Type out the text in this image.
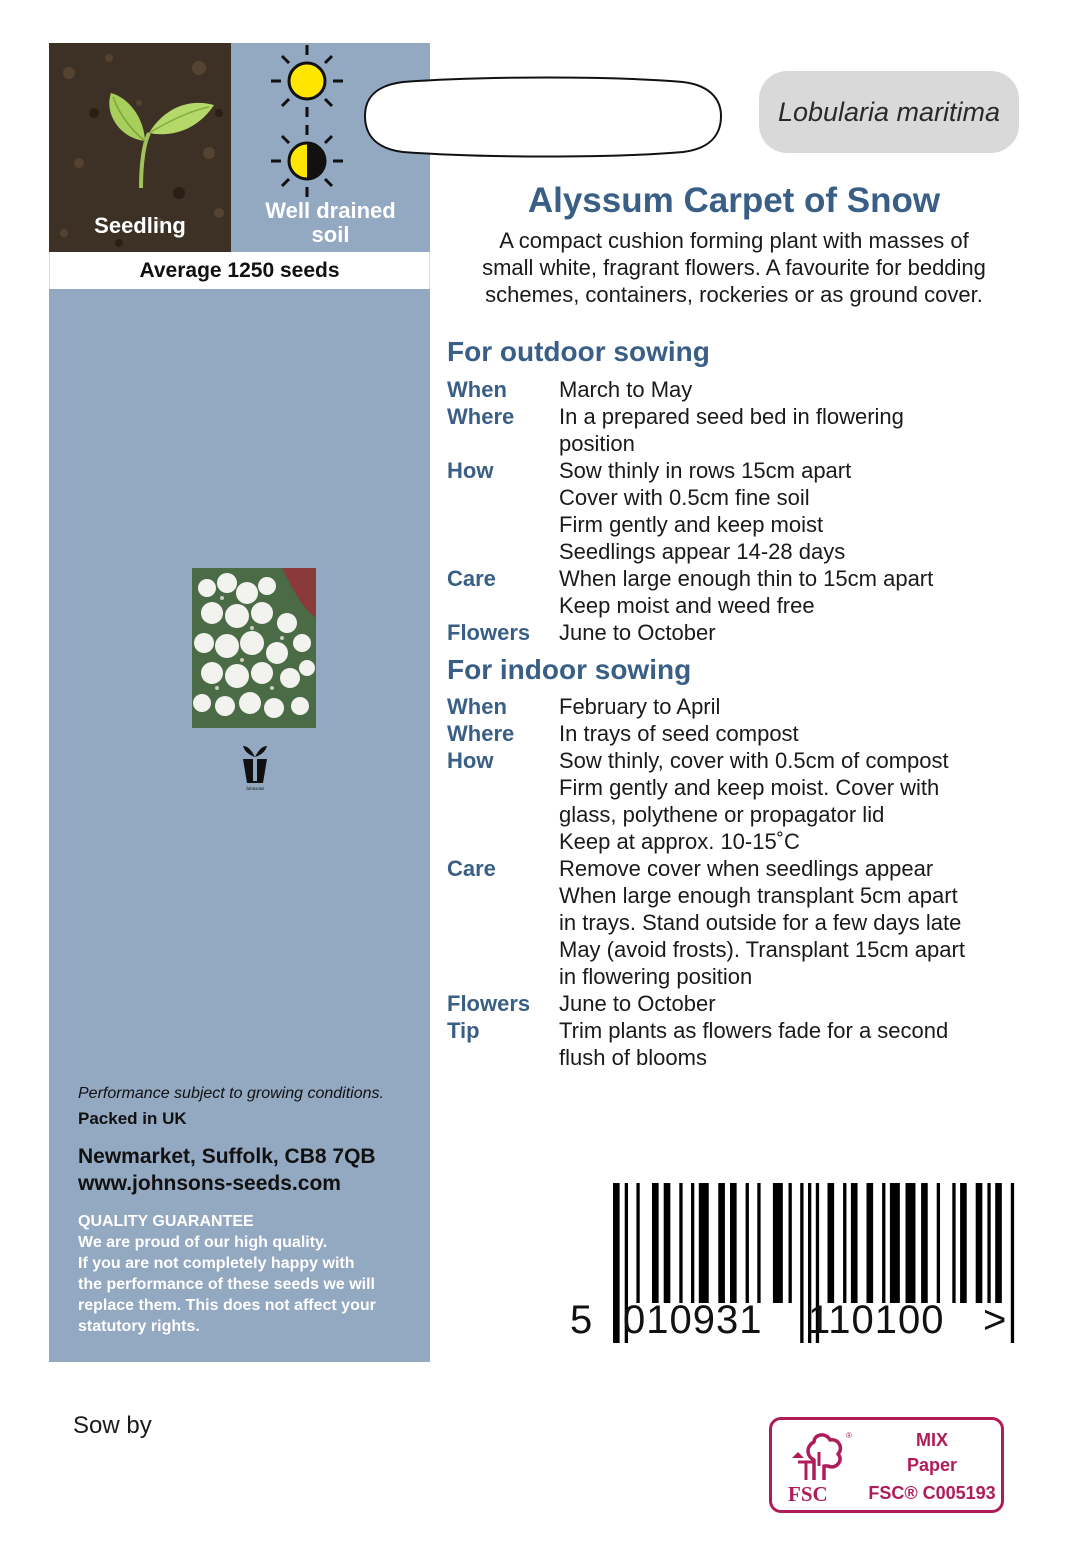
Seedling
Well drained
soil
Average 1250 seeds
Johnsons
Performance subject to growing conditions.
Packed in UK
Newmarket, Suffolk, CB8 7QB
www.johnsons-seeds.com
QUALITY GUARANTEE
We are proud of our high quality.
If you are not completely happy with
the performance of these seeds we will
replace them. This does not affect your
statutory rights.
Lobularia maritima
Alyssum Carpet of Snow
A compact cushion forming plant with masses of
small white, fragrant flowers. A favourite for bedding
schemes, containers, rockeries or as ground cover.
For outdoor sowing
When	March to May
Where	In a prepared seed bed in flowering
position
How	Sow thinly in rows 15cm apart
Cover with 0.5cm fine soil
Firm gently and keep moist
Seedlings appear 14-28 days
Care	When large enough thin to 15cm apart
Keep moist and weed free
Flowers	June to October
For indoor sowing
When	February to April
Where	In trays of seed compost
How	Sow thinly, cover with 0.5cm of compost
Firm gently and keep moist. Cover with
glass, polythene or propagator lid
Keep at approx. 10-15˚C
Care	Remove cover when seedlings appear
When large enough transplant 5cm apart
in trays. Stand outside for a few days late
May (avoid frosts). Transplant 15cm apart
in flowering position
Flowers	June to October
Tip	Trim plants as flowers fade for a second
flush of blooms
5 010931 110100 >
Sow by	®
FSC
MIX
Paper
FSC® C005193
